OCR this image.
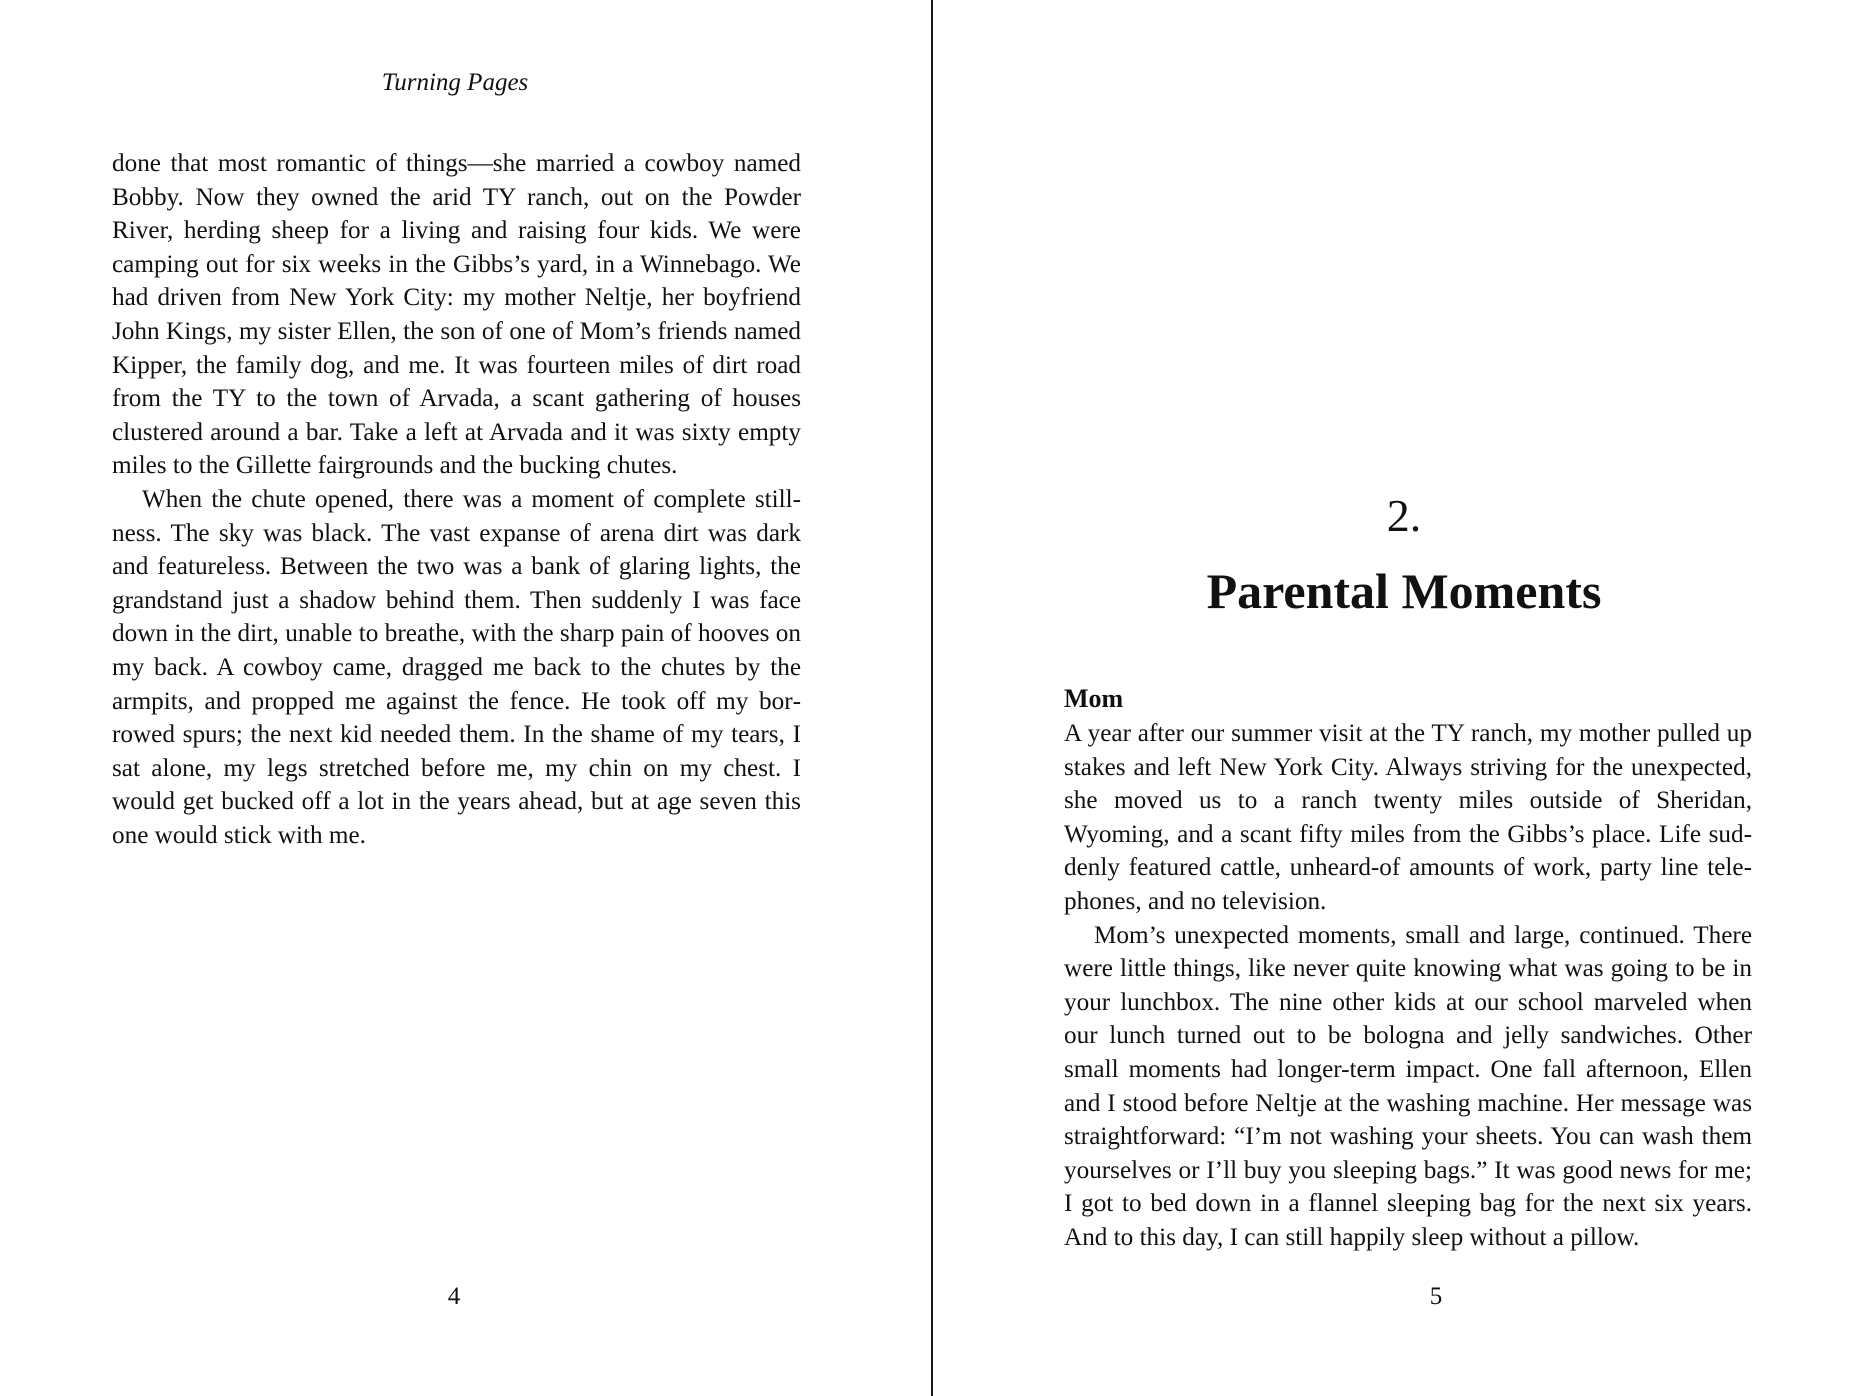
Turning Pages

done that most romantic of things—she married a cowboy named Bobby. Now they owned the arid TY ranch, out on the Powder River, herding sheep for a living and raising four kids. We were camping out for six weeks in the Gibbs’s yard, in a Winnebago. We had driven from New York City: my mother Neltje, her boyfriend John Kings, my sister Ellen, the son of one of Mom’s friends named Kipper, the family dog, and me. It was fourteen miles of dirt road from the TY to the town of Arvada, a scant gathering of houses clustered around a bar. Take a left at Arvada and it was sixty empty miles to the Gillette fairgrounds and the bucking chutes.

When the chute opened, there was a moment of complete stillness. The sky was black. The vast expanse of arena dirt was dark and featureless. Between the two was a bank of glaring lights, the grandstand just a shadow behind them. Then suddenly I was face down in the dirt, unable to breathe, with the sharp pain of hooves on my back. A cowboy came, dragged me back to the chutes by the armpits, and propped me against the fence. He took off my borrowed spurs; the next kid needed them. In the shame of my tears, I sat alone, my legs stretched before me, my chin on my chest. I would get bucked off a lot in the years ahead, but at age seven this one would stick with me.

4
2.
Parental Moments
Mom

A year after our summer visit at the TY ranch, my mother pulled up stakes and left New York City. Always striving for the unexpected, she moved us to a ranch twenty miles outside of Sheridan, Wyoming, and a scant fifty miles from the Gibbs’s place. Life suddenly featured cattle, unheard-of amounts of work, party line telephones, and no television.

Mom’s unexpected moments, small and large, continued. There were little things, like never quite knowing what was going to be in your lunchbox. The nine other kids at our school marveled when our lunch turned out to be bologna and jelly sandwiches. Other small moments had longer-term impact. One fall afternoon, Ellen and I stood before Neltje at the washing machine. Her message was straightforward: “I’m not washing your sheets. You can wash them yourselves or I’ll buy you sleeping bags.” It was good news for me; I got to bed down in a flannel sleeping bag for the next six years. And to this day, I can still happily sleep without a pillow.

5
